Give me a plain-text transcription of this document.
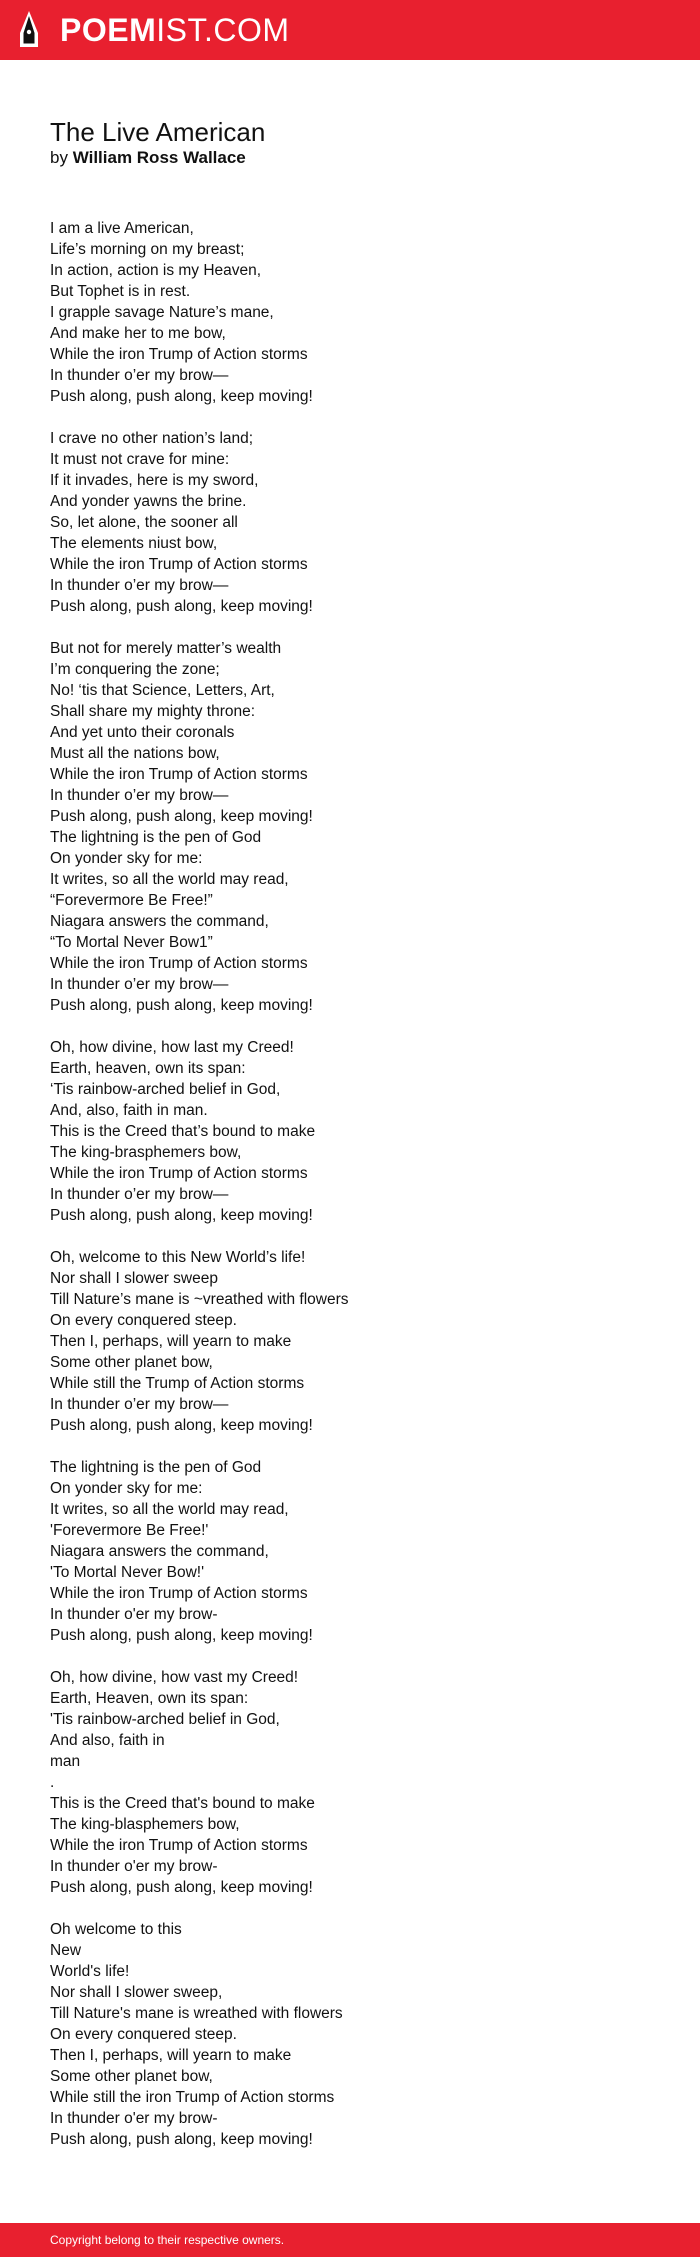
POEMIST.COM
The Live American
by William Ross Wallace
I am a live American,
Life’s morning on my breast;
In action, action is my Heaven,
But Tophet is in rest.
I grapple savage Nature’s mane,
And make her to me bow,
While the iron Trump of Action storms
In thunder o’er my brow—
Push along, push along, keep moving!
I crave no other nation’s land;
It must not crave for mine:
If it invades, here is my sword,
And yonder yawns the brine.
So, let alone, the sooner all
The elements niust bow,
While the iron Trump of Action storms
In thunder o’er my brow—
Push along, push along, keep moving!
But not for merely matter’s wealth
I’m conquering the zone;
No! ‘tis that Science, Letters, Art,
Shall share my mighty throne:
And yet unto their coronals
Must all the nations bow,
While the iron Trump of Action storms
In thunder o’er my brow—
Push along, push along, keep moving!
The lightning is the pen of God
On yonder sky for me:
It writes, so all the world may read,
“Forevermore Be Free!”
Niagara answers the command,
“To Mortal Never Bow1”
While the iron Trump of Action storms
In thunder o’er my brow—
Push along, push along, keep moving!
Oh, how divine, how last my Creed!
Earth, heaven, own its span:
‘Tis rainbow-arched belief in God,
And, also, faith in man.
This is the Creed that’s bound to make
The king-brasphemers bow,
While the iron Trump of Action storms
In thunder o’er my brow—
Push along, push along, keep moving!
Oh, welcome to this New World’s life!
Nor shall I slower sweep
Till Nature’s mane is ~vreathed with flowers
On every conquered steep.
Then I, perhaps, will yearn to make
Some other planet bow,
While still the Trump of Action storms
In thunder o’er my brow—
Push along, push along, keep moving!
The lightning is the pen of God
On yonder sky for me:
It writes, so all the world may read,
'Forevermore Be Free!'
Niagara answers the command,
'To Mortal Never Bow!'
While the iron Trump of Action storms
In thunder o'er my brow-
Push along, push along, keep moving!
Oh, how divine, how vast my Creed!
Earth, Heaven, own its span:
'Tis rainbow-arched belief in God,
And also, faith in
man
.
This is the Creed that's bound to make
The king-blasphemers bow,
While the iron Trump of Action storms
In thunder o'er my brow-
Push along, push along, keep moving!
Oh welcome to this
New
World's life!
Nor shall I slower sweep,
Till Nature's mane is wreathed with flowers
On every conquered steep.
Then I, perhaps, will yearn to make
Some other planet bow,
While still the iron Trump of Action storms
In thunder o'er my brow-
Push along, push along, keep moving!
Copyright belong to their respective owners.
